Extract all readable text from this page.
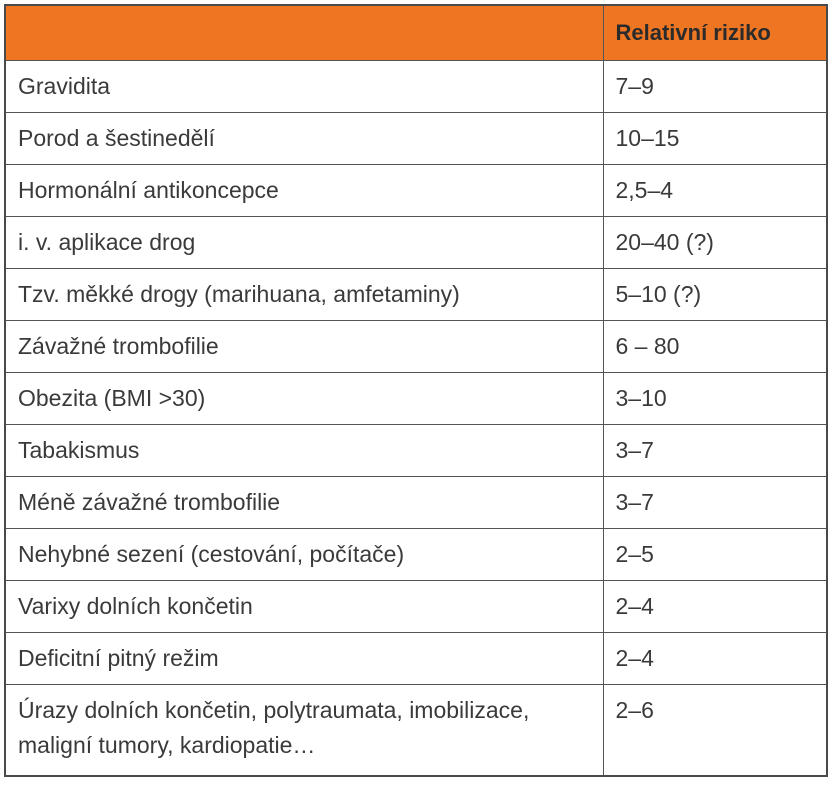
	Relativní riziko
Gravidita	7–9
Porod a šestinedělí	10–15
Hormonální antikoncepce	2,5–4
i. v. aplikace drog	20–40 (?)
Tzv. měkké drogy (marihuana, amfetaminy)	5–10 (?)
Závažné trombofilie	6 – 80
Obezita (BMI >30)	3–10
Tabakismus	3–7
Méně závažné trombofilie	3–7
Nehybné sezení (cestování, počítače)	2–5
Varixy dolních končetin	2–4
Deficitní pitný režim	2–4
Úrazy dolních končetin, polytraumata, imobilizace, maligní tumory, kardiopatie…	2–6
